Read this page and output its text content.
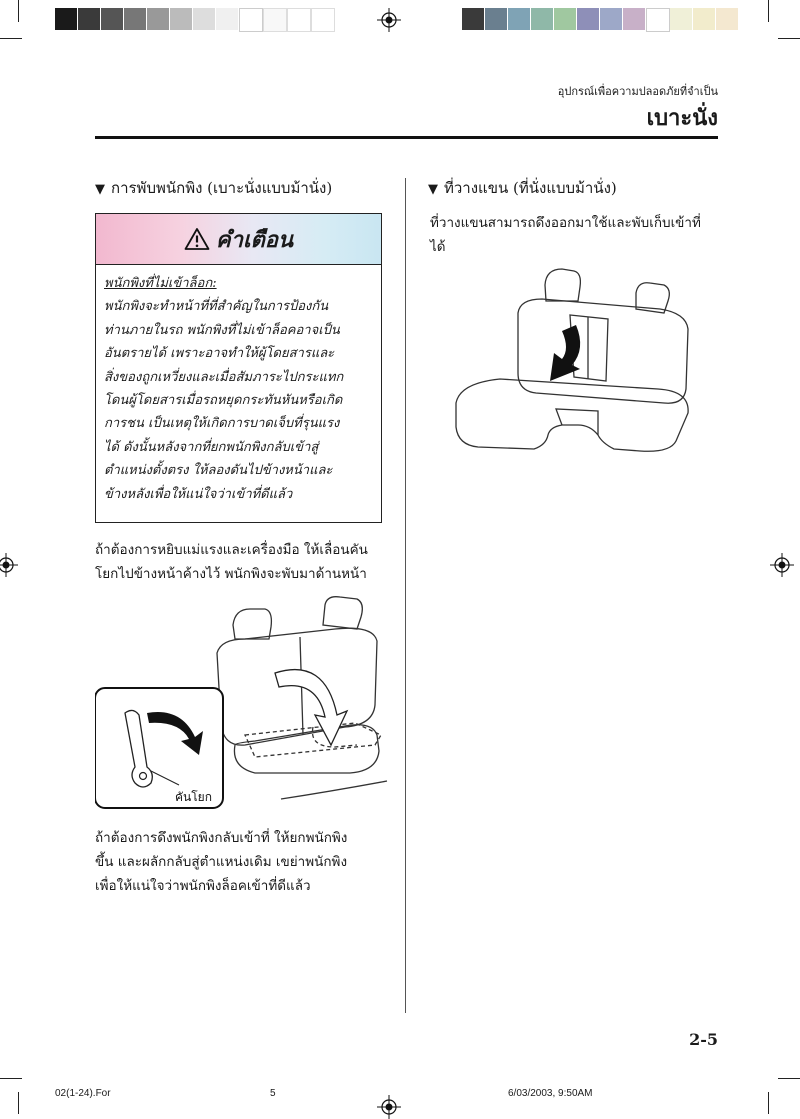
อุปกรณ์เพื่อความปลอดภัยที่จำเป็น
เบาะนั่ง
▼ การพับพนักพิง (เบาะนั่งแบบม้านั่ง)
คำเตือน
พนักพิงที่ไม่เข้าล็อก:
พนักพิงจะทำหน้าที่ที่สำคัญในการป้องกัน
ท่านภายในรถ พนักพิงที่ไม่เข้าล็อคอาจเป็น
อันตรายได้ เพราะอาจทำให้ผู้โดยสารและ
สิ่งของถูกเหวี่ยงและเมื่อสัมภาระไปกระแทก
โดนผู้โดยสารเมื่อรถหยุดกระทันหันหรือเกิด
การชน เป็นเหตุให้เกิดการบาดเจ็บที่รุนแรง
ได้ ดังนั้นหลังจากที่ยกพนักพิงกลับเข้าสู่
ตำแหน่งตั้งตรง ให้ลองดันไปข้างหน้าและ
ข้างหลังเพื่อให้แน่ใจว่าเข้าที่ดีแล้ว
ถ้าต้องการหยิบแม่แรงและเครื่องมือ ให้เลื่อนคัน
โยกไปข้างหน้าค้างไว้ พนักพิงจะพับมาด้านหน้า
คันโยก
ถ้าต้องการดึงพนักพิงกลับเข้าที่ ให้ยกพนักพิง
ขึ้น และผลักกลับสู่ตำแหน่งเดิม เขย่าพนักพิง
เพื่อให้แน่ใจว่าพนักพิงล็อคเข้าที่ดีแล้ว
▼ ที่วางแขน (ที่นั่งแบบม้านั่ง)
ที่วางแขนสามารถดึงออกมาใช้และพับเก็บเข้าที่
ได้
2-5
02(1-24).For	5	6/03/2003, 9:50AM
